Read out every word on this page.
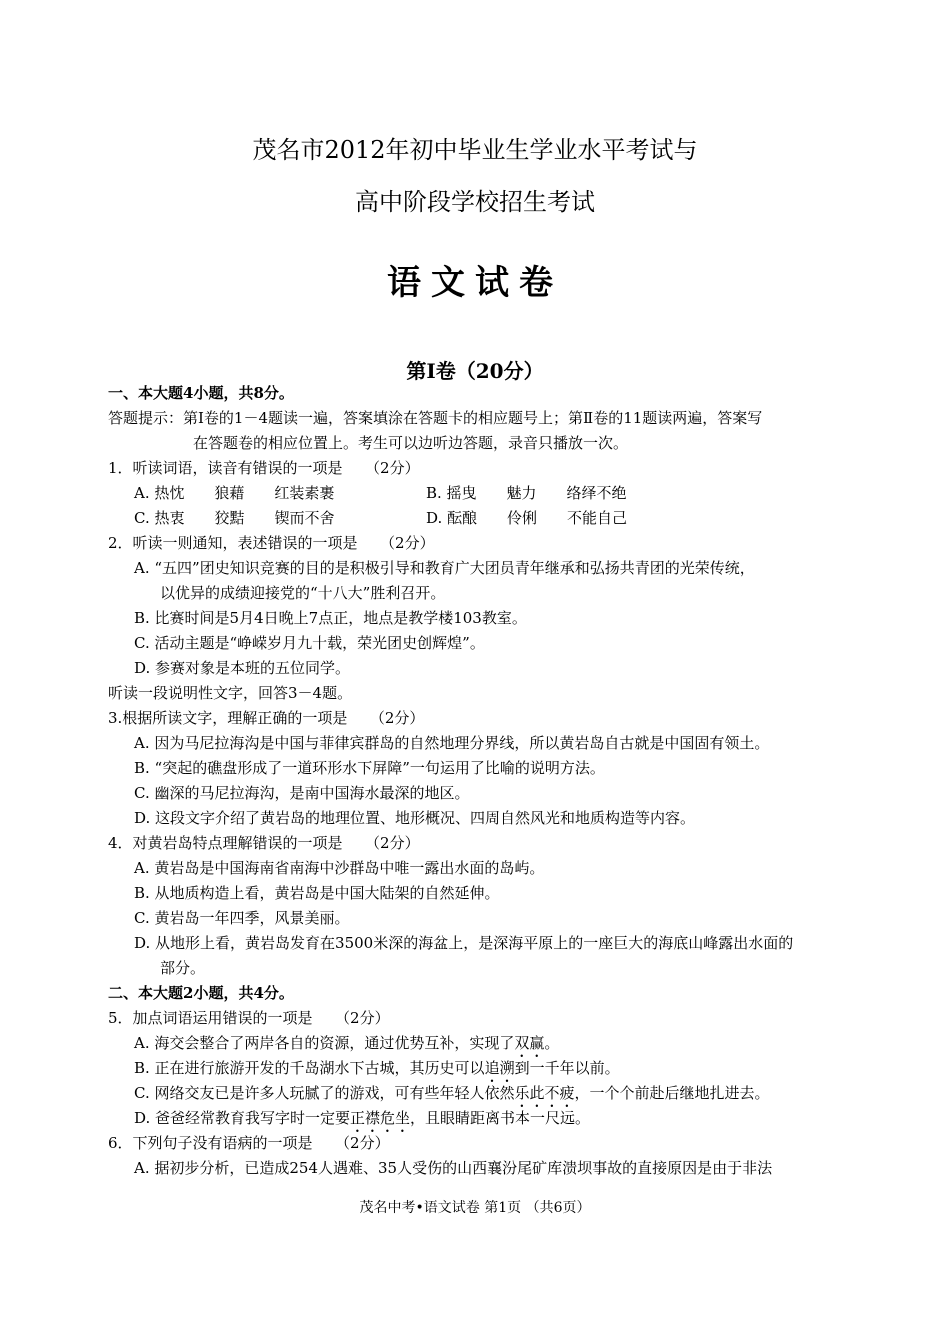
茂名市2012年初中毕业生学业水平考试与
高中阶段学校招生考试
语文试卷
第Ⅰ卷（20分）
一、本大题4小题，共8分。
答题提示：第Ⅰ卷的1－4题读一遍，答案填涂在答题卡的相应题号上；第Ⅱ卷的11题读两遍，答案写
在答题卷的相应位置上。考生可以边听边答题，录音只播放一次。
1．听读词语，读音有错误的一项是　　（2分）
A. 热忱　　狼藉　　红装素裹	B. 摇曳　　魅力　　络绎不绝
C. 热衷　　狡黠　　锲而不舍	D. 酝酿　　伶俐　　不能自己
2．听读一则通知，表述错误的一项是　　（2分）
A. “五四”团史知识竞赛的目的是积极引导和教育广大团员青年继承和弘扬共青团的光荣传统，
以优异的成绩迎接党的“十八大”胜利召开。
B. 比赛时间是5月4日晚上7点正，地点是教学楼103教室。
C. 活动主题是“峥嵘岁月九十载，荣光团史创辉煌”。
D. 参赛对象是本班的五位同学。
听读一段说明性文字，回答3－4题。
3.根据所读文字，理解正确的一项是　　（2分）
A. 因为马尼拉海沟是中国与菲律宾群岛的自然地理分界线，所以黄岩岛自古就是中国固有领土。
B. “突起的礁盘形成了一道环形水下屏障”一句运用了比喻的说明方法。
C. 幽深的马尼拉海沟，是南中国海水最深的地区。
D. 这段文字介绍了黄岩岛的地理位置、地形概况、四周自然风光和地质构造等内容。
4．对黄岩岛特点理解错误的一项是　　（2分）
A. 黄岩岛是中国海南省南海中沙群岛中唯一露出水面的岛屿。
B. 从地质构造上看，黄岩岛是中国大陆架的自然延伸。
C. 黄岩岛一年四季，风景美丽。
D. 从地形上看，黄岩岛发育在3500米深的海盆上，是深海平原上的一座巨大的海底山峰露出水面的
部分。
二、本大题2小题，共4分。
5．加点词语运用错误的一项是　　（2分）
A. 海交会整合了两岸各自的资源，通过优势互补，实现了双赢。
B. 正在进行旅游开发的千岛湖水下古城，其历史可以追溯到一千年以前。
C. 网络交友已是许多人玩腻了的游戏，可有些年轻人依然乐此不疲，一个个前赴后继地扎进去。
D. 爸爸经常教育我写字时一定要正襟危坐，且眼睛距离书本一尺远。
6．下列句子没有语病的一项是　　（2分）
A. 据初步分析，已造成254人遇难、35人受伤的山西襄汾尾矿库溃坝事故的直接原因是由于非法
茂名中考•语文试卷 第1页 （共6页）
